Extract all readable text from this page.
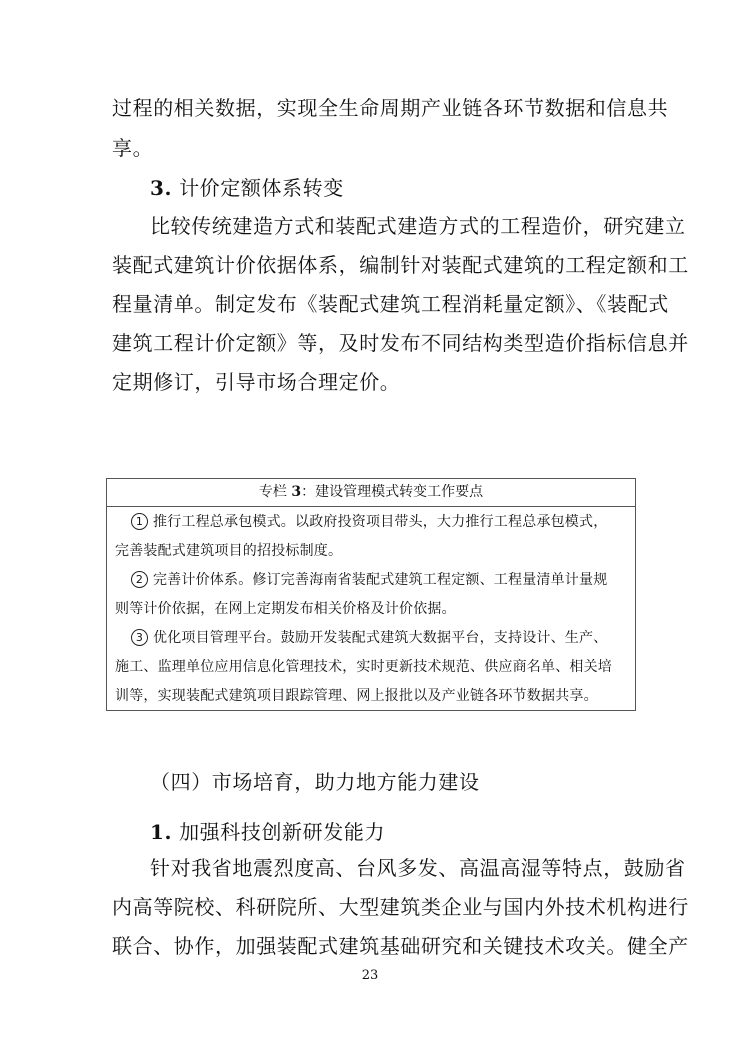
过程的相关数据，实现全生命周期产业链各环节数据和信息共

享。

3. 计价定额体系转变

比较传统建造方式和装配式建造方式的工程造价，研究建立

装配式建筑计价依据体系，编制针对装配式建筑的工程定额和工

程量清单。制定发布《装配式建筑工程消耗量定额》、《装配式

建筑工程计价定额》等，及时发布不同结构类型造价指标信息并

定期修订，引导市场合理定价。

专栏 3：建设管理模式转变工作要点

1 推行工程总承包模式。以政府投资项目带头，大力推行工程总承包模式，

完善装配式建筑项目的招投标制度。

2 完善计价体系。修订完善海南省装配式建筑工程定额、工程量清单计量规

则等计价依据，在网上定期发布相关价格及计价依据。

3 优化项目管理平台。鼓励开发装配式建筑大数据平台，支持设计、生产、

施工、监理单位应用信息化管理技术，实时更新技术规范、供应商名单、相关培

训等，实现装配式建筑项目跟踪管理、网上报批以及产业链各环节数据共享。

（四）市场培育，助力地方能力建设

1. 加强科技创新研发能力

针对我省地震烈度高、台风多发、高温高湿等特点，鼓励省

内高等院校、科研院所、大型建筑类企业与国内外技术机构进行

联合、协作，加强装配式建筑基础研究和关键技术攻关。健全产

23
